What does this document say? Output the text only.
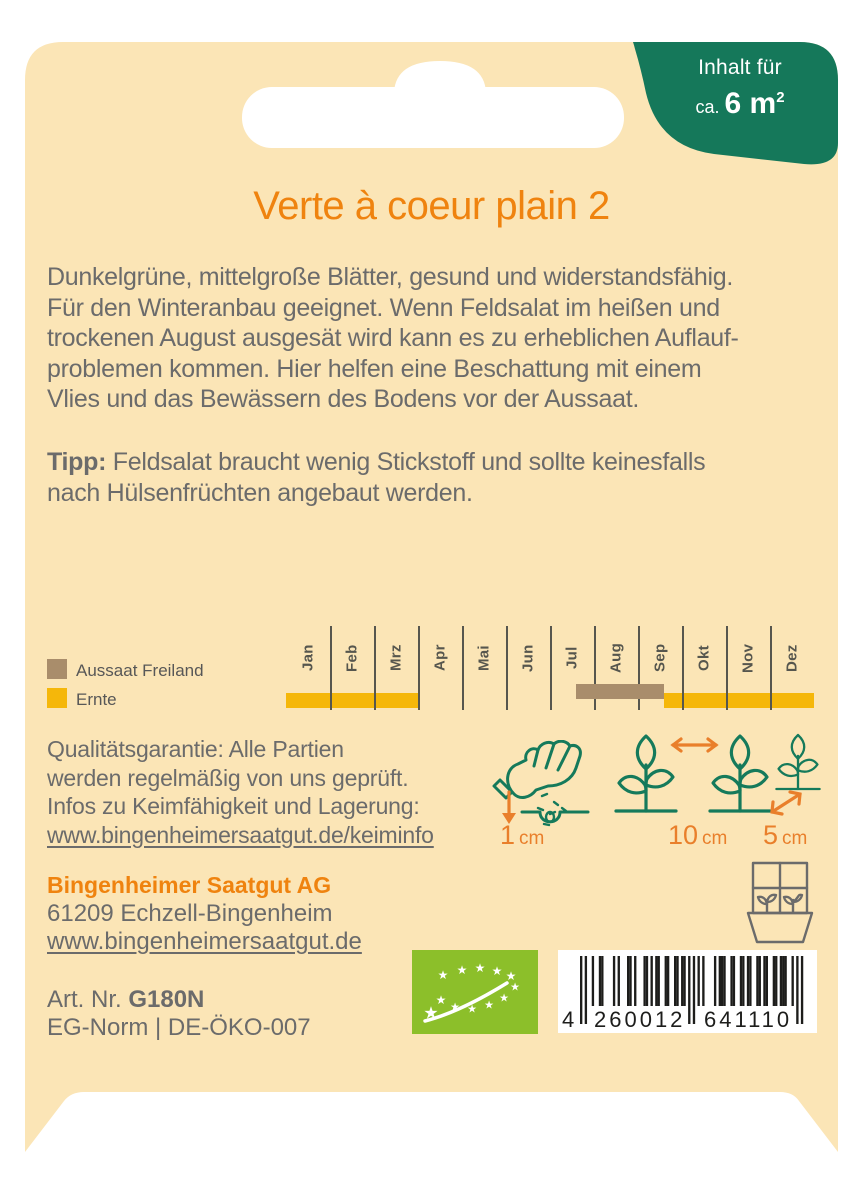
Inhalt für
ca. 6 $m^2$
Verte à coeur plain 2
Dunkelgrüne, mittelgroße Blätter, gesund und widerstandsfähig.
Für den Winteranbau geeignet. Wenn Feldsalat im heißen und
trockenen August ausgesät wird kann es zu erheblichen Auflauf-
problemen kommen. Hier helfen eine Beschattung mit einem
Vlies und das Bewässern des Bodens vor der Aussaat.
Tipp: Feldsalat braucht wenig Stickstoff und sollte keinesfalls
nach Hülsenfrüchten angebaut werden.
Jan Feb Mrz Apr Mai Jun Jul Aug Sep Okt Nov Dez
Aussaat Freiland
Ernte
Qualitätsgarantie: Alle Partien
werden regelmäßig von uns geprüft.
Infos zu Keimfähigkeit und Lagerung:
www.bingenheimersaatgut.de/keiminfo 1 cm	10 cm 5 cm
Bingenheimer Saatgut AG
61209 Echzell-Bingenheim
www.bingenheimersaatgut.de
★
★
★ ★ ★ ★ ★
★
★
★
★
★	4 260012 641110
Art. Nr. G180N
EG-Norm | DE-ÖKO-007
